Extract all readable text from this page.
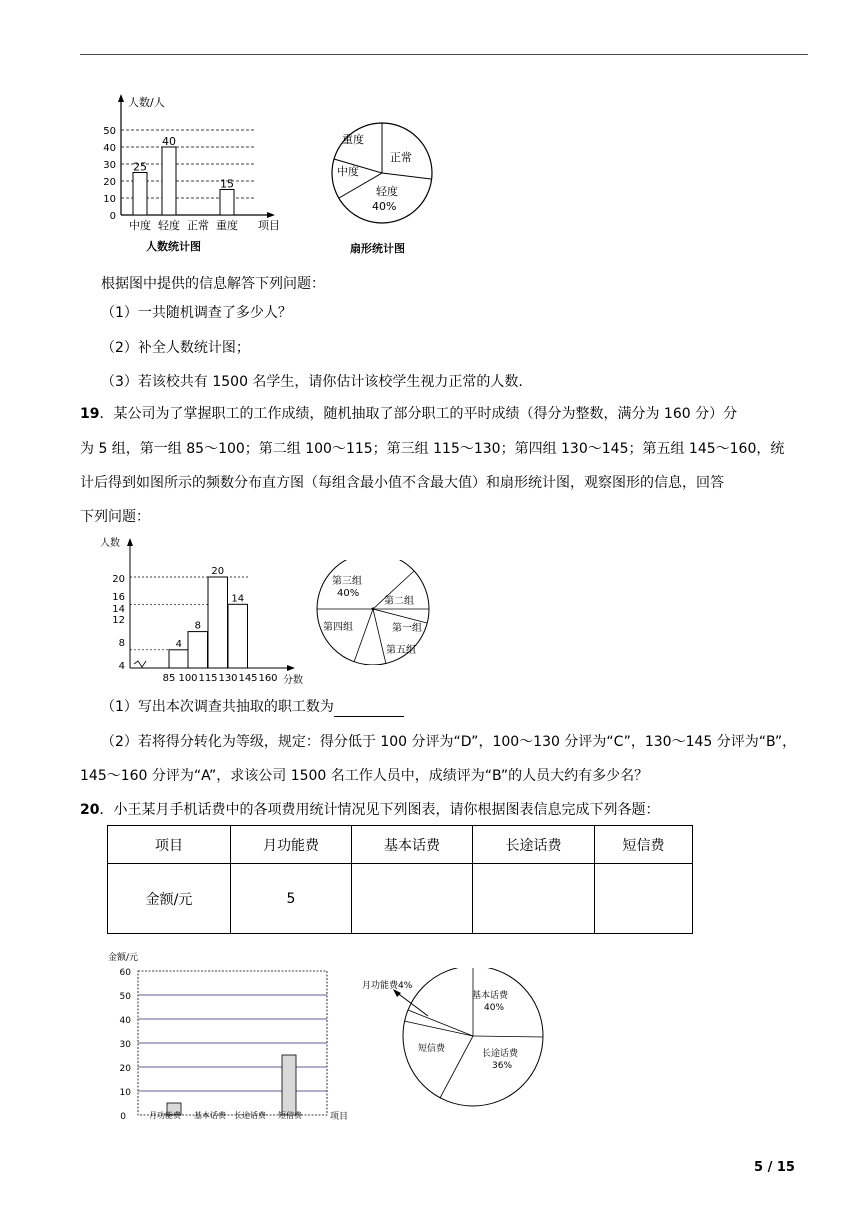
人数/人
项目
人数统计图
50
40
30
20
10
0
25
40
15
中度 轻度 正常 重度
重度
正常
中度
轻度
40%
扇形统计图
根据图中提供的信息解答下列问题：
（1）一共随机调查了多少人？
（2）补全人数统计图；
（3）若该校共有 1500 名学生，请你估计该校学生视力正常的人数.
19．某公司为了掌握职工的工作成绩，随机抽取了部分职工的平时成绩（得分为整数，满分为 160 分）分
为 5 组，第一组 85～100；第二组 100～115；第三组 115～130；第四组 130～145；第五组 145～160，统
计后得到如图所示的频数分布直方图（每组含最小值不含最大值）和扇形统计图，观察图形的信息，回答
下列问题：
人数
分数
20
16
14
12
8
4
4
8
20
14
85 100 115 130 145 160
第三组
40%
第二组
第四组	第一组
第五组
（1）写出本次调查共抽取的职工数为
（2）若将得分转化为等级，规定：得分低于 100 分评为“D”，100～130 分评为“C”，130～145 分评为“B”，
145～160 分评为“A”，求该公司 1500 名工作人员中，成绩评为“B”的人员大约有多少名？
20．小王某月手机话费中的各项费用统计情况见下列图表，请你根据图表信息完成下列各题：
项目	月功能费	基本话费	长途话费	短信费
金额/元	5			
金额/元
60
50
40
30
20
10
0	月功能费 基本话费 长途话费 短信费	项目
月功能费4%
基本话费
40%
短信费	长途话费
36%
5 / 15
